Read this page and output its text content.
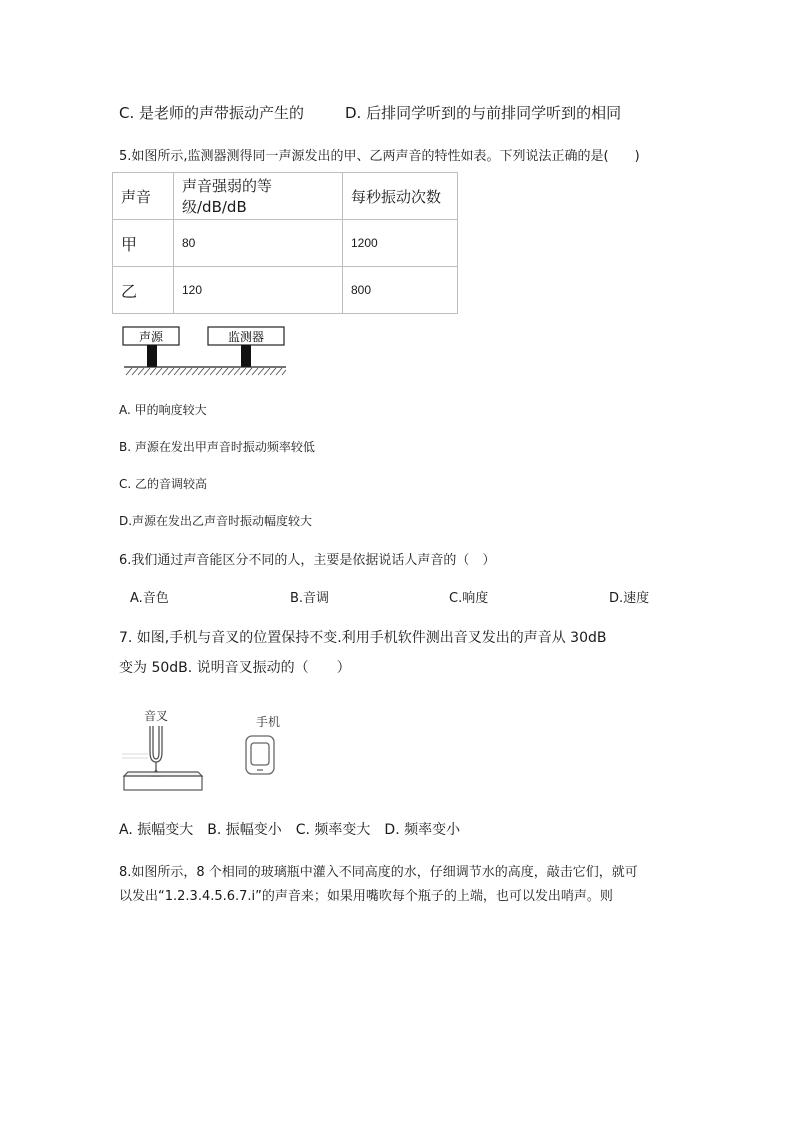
C. 是老师的声带振动产生的	D. 后排同学听到的与前排同学听到的相同
5.如图所示,监测器测得同一声源发出的甲、乙两声音的特性如表。下列说法正确的是(　　)
声音	声音强弱的等级/dB/dB	每秒振动次数
甲	80	1200
乙	120	800
声源	监测器
A. 甲的响度较大
B. 声源在发出甲声音时振动频率较低
C. 乙的音调较高
D.声源在发出乙声音时振动幅度较大
6.我们通过声音能区分不同的人，主要是依据说话人声音的（　）
A.音色	B.音调	C.响度	D.速度
7. 如图,手机与音叉的位置保持不变.利用手机软件测出音叉发出的声音从 30dB
变为 50dB. 说明音叉振动的（　　）
音叉	手机
A. 振幅变大　B. 振幅变小　C. 频率变大　D. 频率变小
8.如图所示，8 个相同的玻璃瓶中灌入不同高度的水，仔细调节水的高度，敲击它们，就可
以发出“1.2.3.4.5.6.7.i”的声音来；如果用嘴吹每个瓶子的上端，也可以发出哨声。则
